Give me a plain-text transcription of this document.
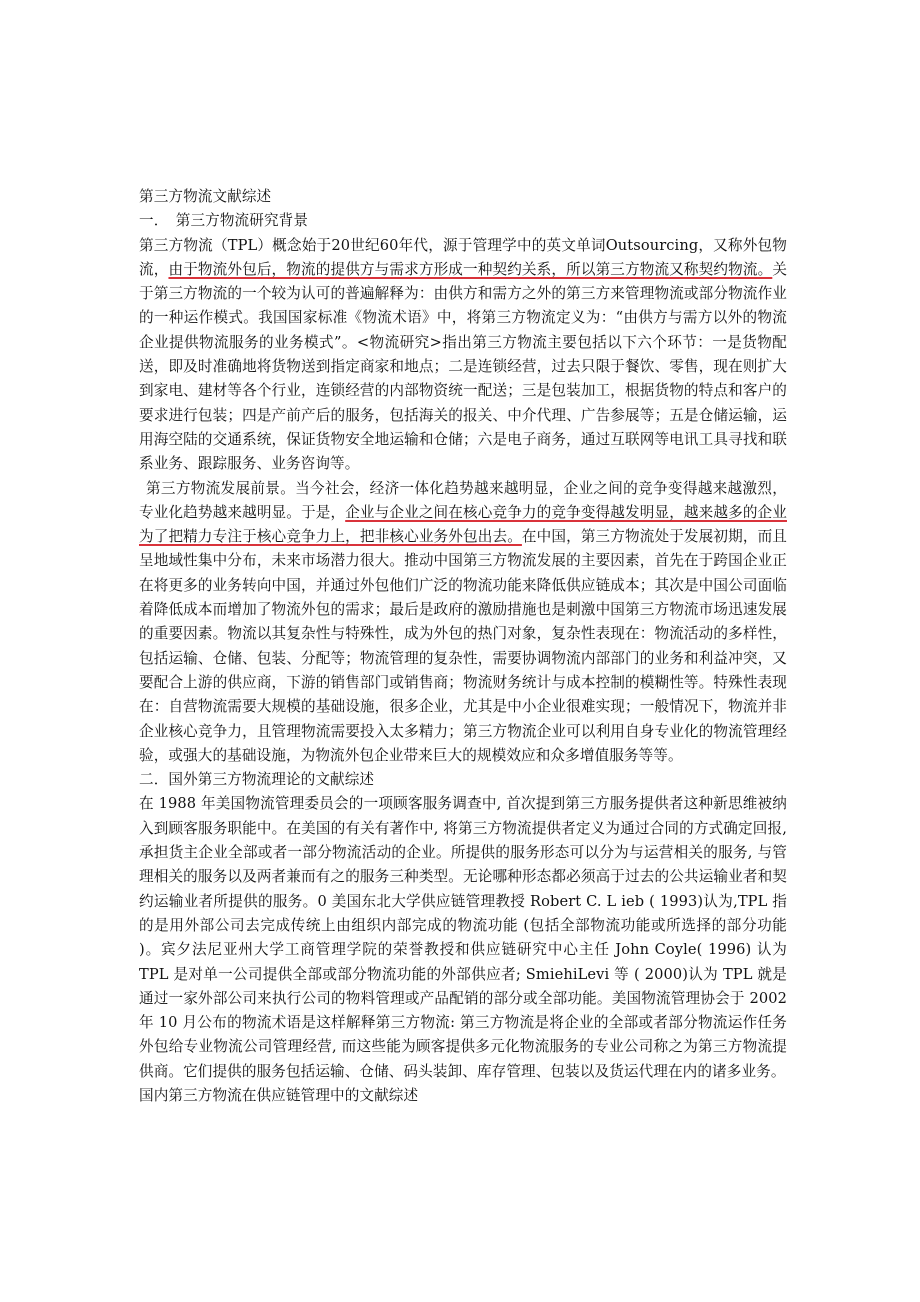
第三方物流文献综述

一．　第三方物流研究背景

第三方物流（TPL）概念始于20世纪60年代，源于管理学中的英文单词Outsourcing，又称外包物流，由于物流外包后，物流的提供方与需求方形成一种契约关系，所以第三方物流又称契约物流。关于第三方物流的一个较为认可的普遍解释为：由供方和需方之外的第三方来管理物流或部分物流作业的一种运作模式。我国国家标准《物流术语》中，将第三方物流定义为：“由供方与需方以外的物流企业提供物流服务的业务模式”。<物流研究>指出第三方物流主要包括以下六个环节：一是货物配送，即及时准确地将货物送到指定商家和地点；二是连锁经营，过去只限于餐饮、零售，现在则扩大到家电、建材等各个行业，连锁经营的内部物资统一配送；三是包装加工，根据货物的特点和客户的要求进行包装；四是产前产后的服务，包括海关的报关、中介代理、广告参展等；五是仓储运输，运用海空陆的交通系统，保证货物安全地运输和仓储；六是电子商务，通过互联网等电讯工具寻找和联系业务、跟踪服务、业务咨询等。

第三方物流发展前景。当今社会，经济一体化趋势越来越明显，企业之间的竞争变得越来越激烈，专业化趋势越来越明显。于是，企业与企业之间在核心竞争力的竞争变得越发明显，越来越多的企业为了把精力专注于核心竞争力上，把非核心业务外包出去。在中国，第三方物流处于发展初期，而且呈地域性集中分布，未来市场潜力很大。推动中国第三方物流发展的主要因素，首先在于跨国企业正在将更多的业务转向中国，并通过外包他们广泛的物流功能来降低供应链成本；其次是中国公司面临着降低成本而增加了物流外包的需求；最后是政府的激励措施也是刺激中国第三方物流市场迅速发展的重要因素。物流以其复杂性与特殊性，成为外包的热门对象，复杂性表现在：物流活动的多样性，包括运输、仓储、包装、分配等；物流管理的复杂性，需要协调物流内部部门的业务和利益冲突，又要配合上游的供应商，下游的销售部门或销售商；物流财务统计与成本控制的模糊性等。特殊性表现在：自营物流需要大规模的基础设施，很多企业，尤其是中小企业很难实现；一般情况下，物流并非企业核心竞争力，且管理物流需要投入太多精力；第三方物流企业可以利用自身专业化的物流管理经验，或强大的基础设施，为物流外包企业带来巨大的规模效应和众多增值服务等等。

二．国外第三方物流理论的文献综述

在 1988 年美国物流管理委员会的一项顾客服务调查中, 首次提到第三方服务提供者这种新思维被纳入到顾客服务职能中。在美国的有关有著作中, 将第三方物流提供者定义为通过合同的方式确定回报, 承担货主企业全部或者一部分物流活动的企业。所提供的服务形态可以分为与运营相关的服务, 与管理相关的服务以及两者兼而有之的服务三种类型。无论哪种形态都必须高于过去的公共运输业者和契约运输业者所提供的服务。0 美国东北大学供应链管理教授 Robert C. L ieb ( 1993)认为,TPL 指的是用外部公司去完成传统上由组织内部完成的物流功能 (包括全部物流功能或所选择的部分功能 )。宾夕法尼亚州大学工商管理学院的荣誉教授和供应链研究中心主任 John Coyle( 1996) 认为 TPL 是对单一公司提供全部或部分物流功能的外部供应者; SmiehiLevi 等 ( 2000)认为 TPL 就是通过一家外部公司来执行公司的物料管理或产品配销的部分或全部功能。美国物流管理协会于 2002 年 10 月公布的物流术语是这样解释第三方物流: 第三方物流是将企业的全部或者部分物流运作任务外包给专业物流公司管理经营, 而这些能为顾客提供多元化物流服务的专业公司称之为第三方物流提供商。它们提供的服务包括运输、仓储、码头装卸、库存管理、包装以及货运代理在内的诸多业务。

国内第三方物流在供应链管理中的文献综述
